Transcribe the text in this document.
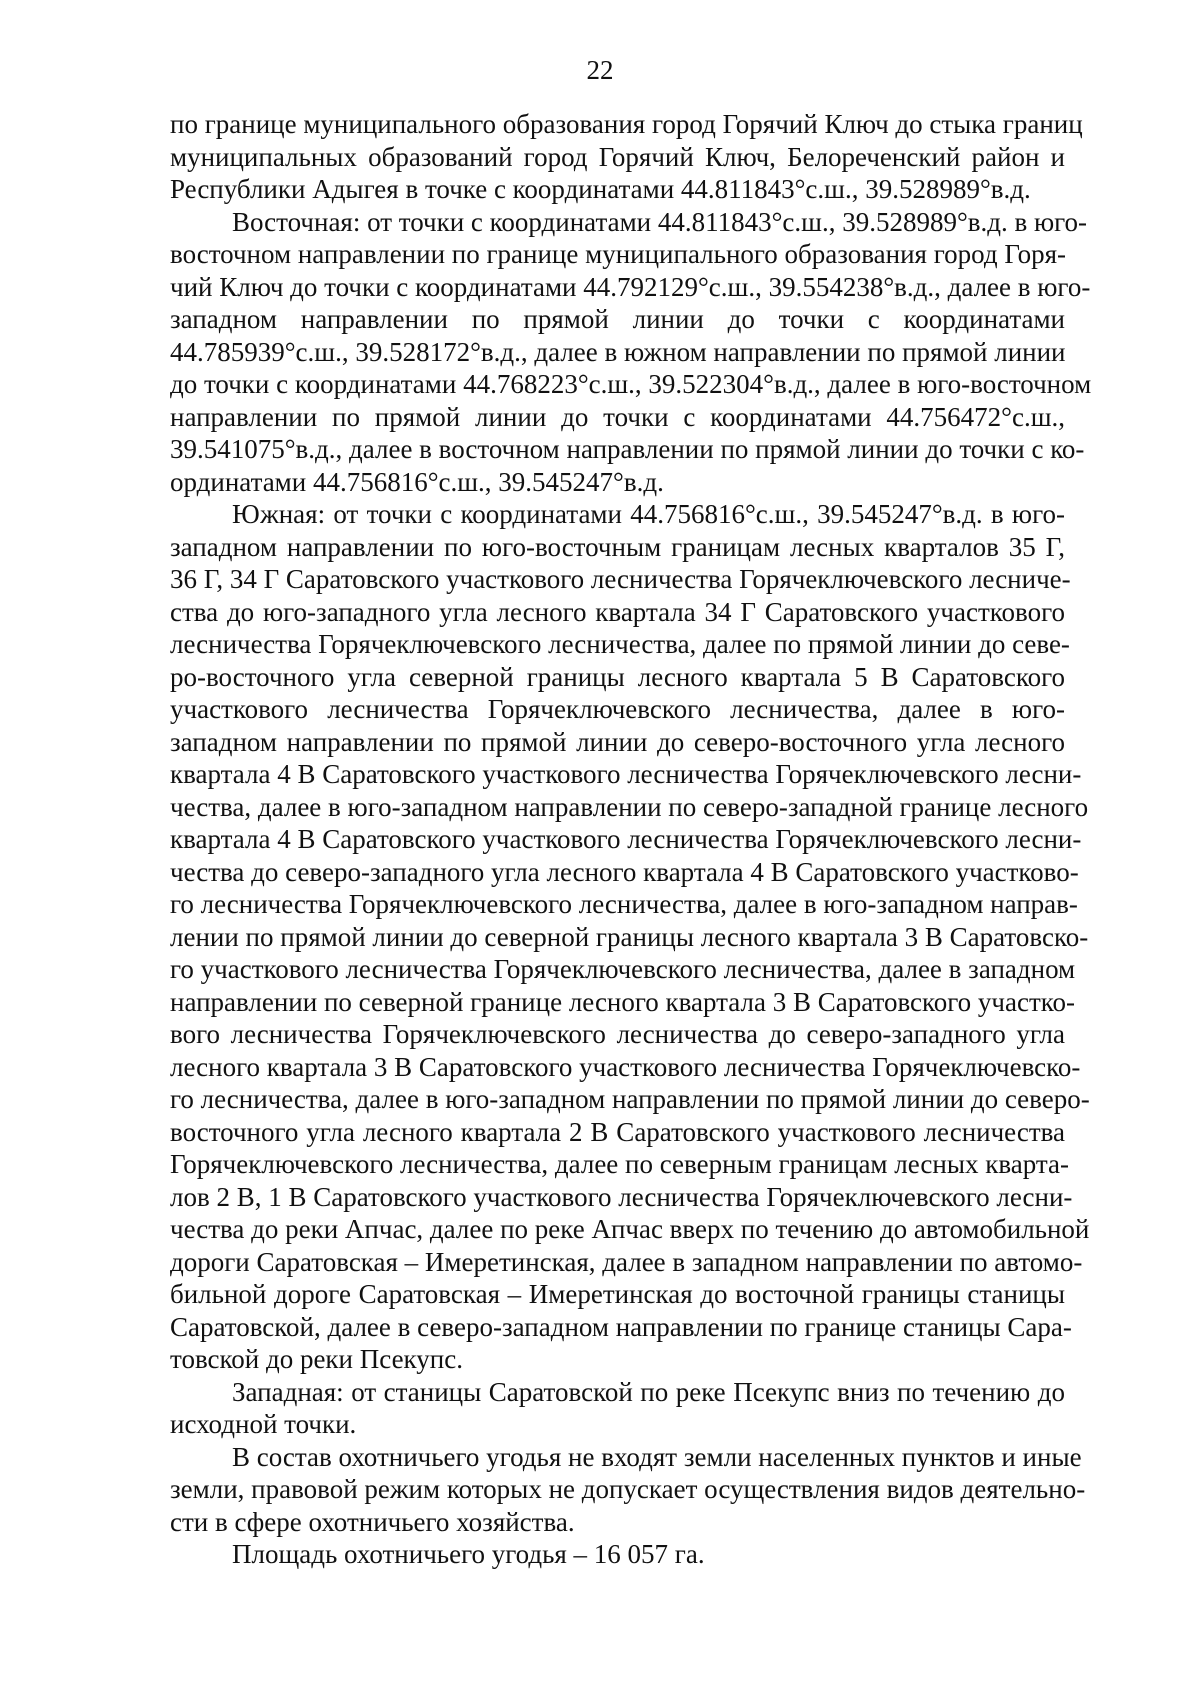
22
по границе муниципального образования город Горячий Ключ до стыка границ
муниципальных образований город Горячий Ключ, Белореченский район и
Республики Адыгея в точке с координатами 44.811843°с.ш., 39.528989°в.д.
Восточная: от точки с координатами 44.811843°с.ш., 39.528989°в.д. в юго-
восточном направлении по границе муниципального образования город Горя-
чий Ключ до точки с координатами 44.792129°с.ш., 39.554238°в.д., далее в юго-
западном направлении по прямой линии до точки с координатами
44.785939°с.ш., 39.528172°в.д., далее в южном направлении по прямой линии
до точки с координатами 44.768223°с.ш., 39.522304°в.д., далее в юго-восточном
направлении по прямой линии до точки с координатами 44.756472°с.ш.,
39.541075°в.д., далее в восточном направлении по прямой линии до точки с ко-
ординатами 44.756816°с.ш., 39.545247°в.д.
Южная: от точки с координатами 44.756816°с.ш., 39.545247°в.д. в юго-
западном направлении по юго-восточным границам лесных кварталов 35 Г,
36 Г, 34 Г Саратовского участкового лесничества Горячеключевского лесниче-
ства до юго-западного угла лесного квартала 34 Г Саратовского участкового
лесничества Горячеключевского лесничества, далее по прямой линии до севе-
ро-восточного угла северной границы лесного квартала 5 В Саратовского
участкового лесничества Горячеключевского лесничества, далее в юго-
западном направлении по прямой линии до северо-восточного угла лесного
квартала 4 В Саратовского участкового лесничества Горячеключевского лесни-
чества, далее в юго-западном направлении по северо-западной границе лесного
квартала 4 В Саратовского участкового лесничества Горячеключевского лесни-
чества до северо-западного угла лесного квартала 4 В Саратовского участково-
го лесничества Горячеключевского лесничества, далее в юго-западном направ-
лении по прямой линии до северной границы лесного квартала 3 В Саратовско-
го участкового лесничества Горячеключевского лесничества, далее в западном
направлении по северной границе лесного квартала 3 В Саратовского участко-
вого лесничества Горячеключевского лесничества до северо-западного угла
лесного квартала 3 В Саратовского участкового лесничества Горячеключевско-
го лесничества, далее в юго-западном направлении по прямой линии до северо-
восточного угла лесного квартала 2 В Саратовского участкового лесничества
Горячеключевского лесничества, далее по северным границам лесных кварта-
лов 2 В, 1 В Саратовского участкового лесничества Горячеключевского лесни-
чества до реки Апчас, далее по реке Апчас вверх по течению до автомобильной
дороги Саратовская – Имеретинская, далее в западном направлении по автомо-
бильной дороге Саратовская – Имеретинская до восточной границы станицы
Саратовской, далее в северо-западном направлении по границе станицы Сара-
товской до реки Псекупс.
Западная: от станицы Саратовской по реке Псекупс вниз по течению до
исходной точки.
В состав охотничьего угодья не входят земли населенных пунктов и иные
земли, правовой режим которых не допускает осуществления видов деятельно-
сти в сфере охотничьего хозяйства.
Площадь охотничьего угодья – 16 057 га.
